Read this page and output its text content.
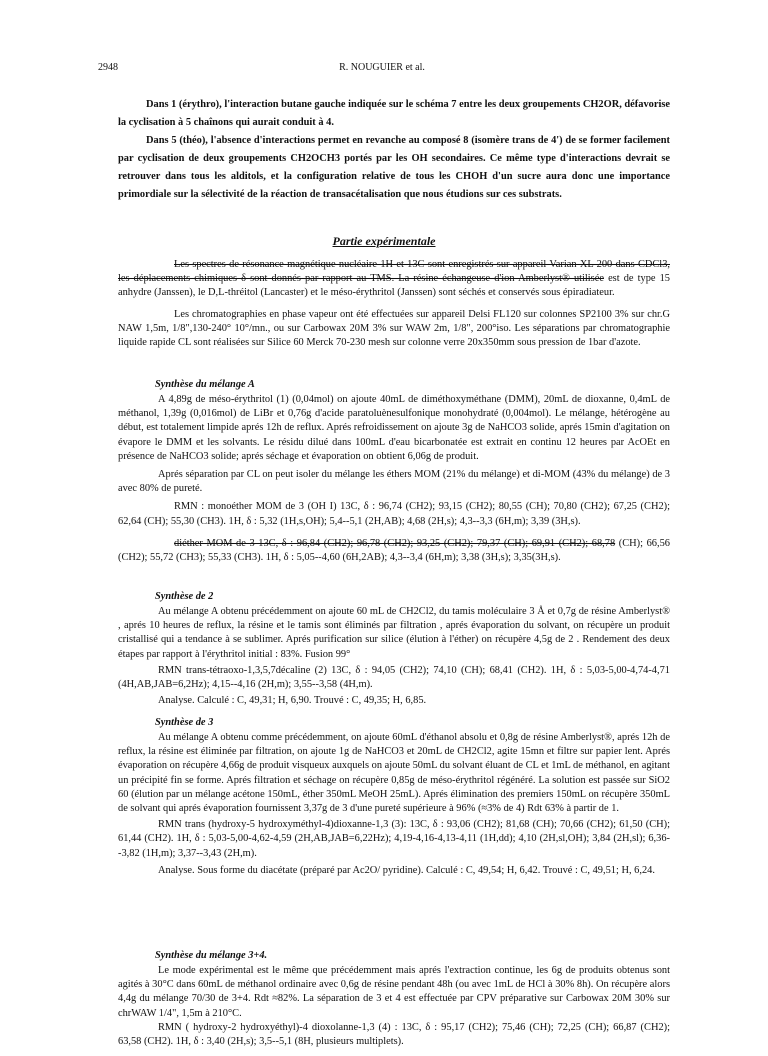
2948	R. NOUGUIER et al.

Dans 1 (érythro), l'interaction butane gauche indiquée sur le schéma 7 entre les deux groupements CH2OR, défavorise la cyclisation à 5 chaînons qui aurait conduit à 4.

Dans 5 (théo), l'absence d'interactions permet en revanche au composé 8 (isomère trans de 4') de se former facilement par cyclisation de deux groupements CH2OCH3 portés par les OH secondaires. Ce même type d'interactions devrait se retrouver dans tous les alditols, et la configuration relative de tous les CHOH d'un sucre aura donc une importance primordiale sur la sélectivité de la réaction de transacétalisation que nous étudions sur ces substrats.

Partie expérimentale

Les spectres de résonance magnétique nucléaire 1H et 13C sont enregistrés sur appareil Varian XL 200 dans CDCl3, les déplacements chimiques δ sont donnés par rapport au TMS. La résine échangeuse d'ion Amberlyst® utilisée est de type 15 anhydre (Janssen), le D,L-thréitol (Lancaster) et le méso-érythritol (Janssen) sont séchés et conservés sous épiradiateur.

Les chromatographies en phase vapeur ont été effectuées sur appareil Delsi FL120 sur colonnes SP2100 3% sur chr.G NAW 1,5m, 1/8",130-240° 10°/mn., ou sur Carbowax 20M 3% sur WAW 2m, 1/8", 200°iso. Les séparations par chromatographie liquide rapide CL sont réalisées sur Silice 60 Merck 70-230 mesh sur colonne verre 20x350mm sous pression de 1bar d'azote.

Synthèse du mélange A

A 4,89g de méso-érythritol (1) (0,04mol) on ajoute 40mL de diméthoxyméthane (DMM), 20mL de dioxanne, 0,4mL de méthanol, 1,39g (0,016mol) de LiBr et 0,76g d'acide paratoluènesulfonique monohydraté (0,004mol). Le mélange, hétérogène au début, est totalement limpide aprés 12h de reflux. Aprés refroidissement on ajoute 3g de NaHCO3 solide, aprés 15min d'agitation on évapore le DMM et les solvants. Le résidu dilué dans 100mL d'eau bicarbonatée est extrait en continu 12 heures par AcOEt en présence de NaHCO3 solide; aprés séchage et évaporation on obtient 6,06g de produit.

Aprés séparation par CL on peut isoler du mélange les éthers MOM (21% du mélange) et di-MOM (43% du mélange) de 3 avec 80% de pureté.

RMN : monoéther MOM de 3 (OH I) 13C, δ : 96,74 (CH2); 93,15 (CH2); 80,55 (CH); 70,80 (CH2); 67,25 (CH2); 62,64 (CH); 55,30 (CH3). 1H, δ : 5,32 (1H,s,OH); 5,4--5,1 (2H,AB); 4,68 (2H,s); 4,3--3,3 (6H,m); 3,39 (3H,s).

diéther MOM de 3 13C, δ : 96,84 (CH2); 96,78 (CH2); 93,25 (CH2); 79,37 (CH); 69,91 (CH2); 68,78 (CH); 66,56 (CH2); 55,72 (CH3); 55,33 (CH3). 1H, δ : 5,05--4,60 (6H,2AB); 4,3--3,4 (6H,m); 3,38 (3H,s); 3,35(3H,s).

Synthèse de 2

Au mélange A obtenu précédemment on ajoute 60 mL de CH2Cl2, du tamis moléculaire 3 Å et 0,7g de résine Amberlyst® , aprés 10 heures de reflux, la résine et le tamis sont éliminés par filtration , aprés évaporation du solvant, on récupère un produit cristallisé qui a tendance à se sublimer. Aprés purification sur silice (élution à l'éther) on récupère 4,5g de 2 . Rendement des deux étapes par rapport à l'érythritol initial : 83%. Fusion 99°

RMN trans-tétraoxo-1,3,5,7décaline (2) 13C, δ : 94,05 (CH2); 74,10 (CH); 68,41 (CH2). 1H, δ : 5,03-5,00-4,74-4,71 (4H,AB,JAB=6,2Hz); 4,15--4,16 (2H,m); 3,55--3,58 (4H,m).

Analyse. Calculé : C, 49,31; H, 6,90. Trouvé : C, 49,35; H, 6,85.

Synthèse de 3

Au mélange A obtenu comme précédemment, on ajoute 60mL d'éthanol absolu et 0,8g de résine Amberlyst®, aprés 12h de reflux, la résine est éliminée par filtration, on ajoute 1g de NaHCO3 et 20mL de CH2Cl2, agite 15mn et filtre sur papier lent. Aprés évaporation on récupère 4,66g de produit visqueux auxquels on ajoute 50mL du solvant éluant de CL et 1mL de méthanol, en agitant un précipité fin se forme. Aprés filtration et séchage on récupère 0,85g de méso-érythritol régénéré. La solution est passée sur SiO2 60 (élution par un mélange acétone 150mL, éther 350mL MeOH 25mL). Aprés élimination des premiers 150mL on récupère 350mL de solvant qui aprés évaporation fournissent 3,37g de 3 d'une pureté supérieure à 96% (≈3% de 4) Rdt 63% à partir de 1.

RMN trans (hydroxy-5 hydroxyméthyl-4)dioxanne-1,3 (3): 13C, δ : 93,06 (CH2); 81,68 (CH); 70,66 (CH2); 61,50 (CH); 61,44 (CH2). 1H, δ : 5,03-5,00-4,62-4,59 (2H,AB,JAB=6,22Hz); 4,19-4,16-4,13-4,11 (1H,dd); 4,10 (2H,sl,OH); 3,84 (2H,sl); 6,36--3,82 (1H,m); 3,37--3,43 (2H,m).

Analyse. Sous forme du diacétate (préparé par Ac2O/ pyridine). Calculé : C, 49,54; H, 6,42. Trouvé : C, 49,51; H, 6,24.

Synthèse du mélange 3+4.

Le mode expérimental est le même que précédemment mais aprés l'extraction continue, les 6g de produits obtenus sont agités à 30°C dans 60mL de méthanol ordinaire avec 0,6g de résine pendant 48h (ou avec 1mL de HCl à 30% 8h). On récupère alors 4,4g du mélange 70/30 de 3+4. Rdt ≈82%. La séparation de 3 et 4 est effectuée par CPV préparative sur Carbowax 20M 30% sur chrWAW 1/4", 1,5m à 210°C.

RMN ( hydroxy-2 hydroxyéthyl)-4 dioxolanne-1,3 (4) : 13C, δ : 95,17 (CH2); 75,46 (CH); 72,25 (CH); 66,87 (CH2); 63,58 (CH2). 1H, δ : 3,40 (2H,s); 3,5--5,1 (8H, plusieurs multiplets).
